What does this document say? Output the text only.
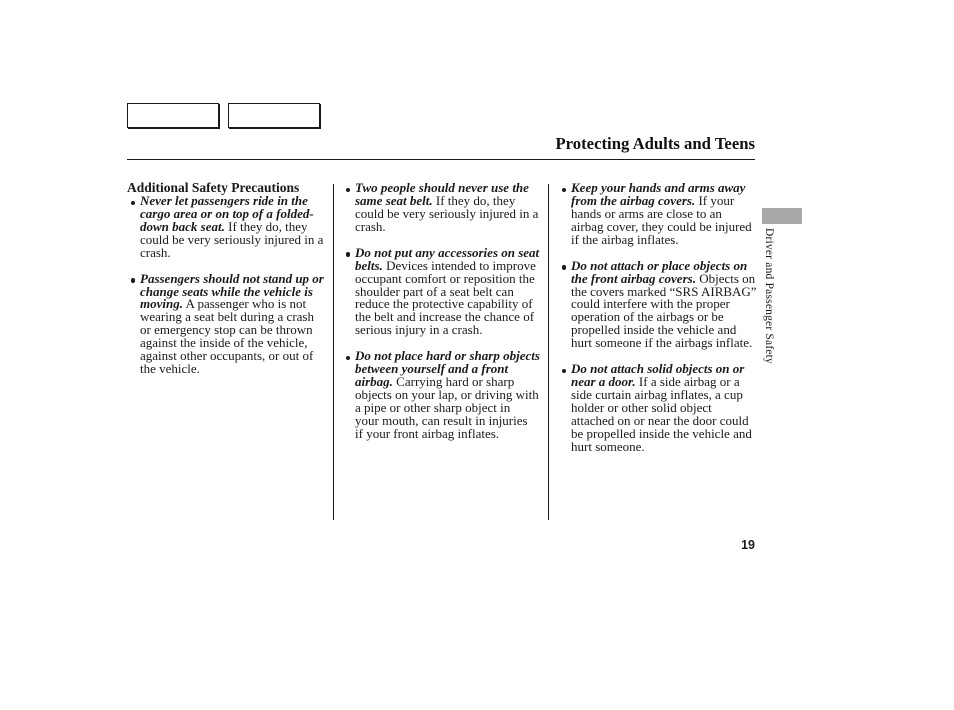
Protecting Adults and Teens
Additional Safety Precautions
Never let passengers ride in the
cargo area or on top of a folded-
down back seat. If they do, they
could be very seriously injured in a
crash.
Passengers should not stand up or
change seats while the vehicle is
moving. A passenger who is not
wearing a seat belt during a crash
or emergency stop can be thrown
against the inside of the vehicle,
against other occupants, or out of
the vehicle.
Two people should never use the
same seat belt. If they do, they
could be very seriously injured in a
crash.
Do not put any accessories on seat
belts. Devices intended to improve
occupant comfort or reposition the
shoulder part of a seat belt can
reduce the protective capability of
the belt and increase the chance of
serious injury in a crash.
Do not place hard or sharp objects
between yourself and a front
airbag. Carrying hard or sharp
objects on your lap, or driving with
a pipe or other sharp object in
your mouth, can result in injuries
if your front airbag inflates.
Keep your hands and arms away
from the airbag covers. If your
hands or arms are close to an
airbag cover, they could be injured
if the airbag inflates.
Do not attach or place objects on
the front airbag covers. Objects on
the covers marked “SRS AIRBAG”
could interfere with the proper
operation of the airbags or be
propelled inside the vehicle and
hurt someone if the airbags inflate.
Do not attach solid objects on or
near a door. If a side airbag or a
side curtain airbag inflates, a cup
holder or other solid object
attached on or near the door could
be propelled inside the vehicle and
hurt someone.
Driver and Passenger Safety
19
